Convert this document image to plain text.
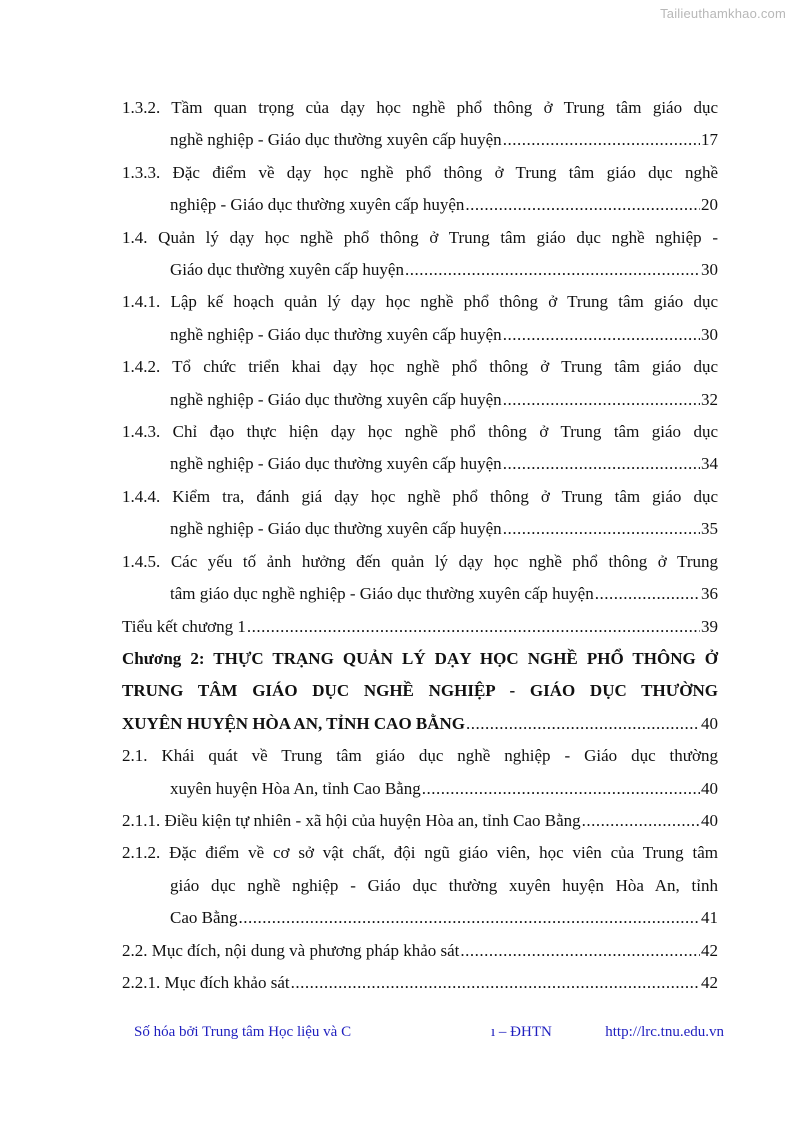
Tailieuthamkhao.com
1.3.2. Tầm quan trọng của dạy học nghề phổ thông ở Trung tâm giáo dục
nghề nghiệp - Giáo dục thường xuyên cấp huyện .....	17
1.3.3. Đặc điểm về dạy học nghề phổ thông ở Trung tâm giáo dục nghề
nghiệp - Giáo dục thường xuyên cấp huyện .....	20
1.4. Quản lý dạy học nghề phổ thông ở Trung tâm giáo dục nghề nghiệp -
Giáo dục thường xuyên cấp huyện .....	30
1.4.1. Lập kế hoạch quản lý dạy học nghề phổ thông ở Trung tâm giáo dục
nghề nghiệp - Giáo dục thường xuyên cấp huyện .....	30
1.4.2. Tổ chức triển khai dạy học nghề phổ thông ở Trung tâm giáo dục
nghề nghiệp - Giáo dục thường xuyên cấp huyện .....	32
1.4.3. Chỉ đạo thực hiện dạy học nghề phổ thông ở Trung tâm giáo dục
nghề nghiệp - Giáo dục thường xuyên cấp huyện .....	34
1.4.4. Kiểm tra, đánh giá dạy học nghề phổ thông ở Trung tâm giáo dục
nghề nghiệp - Giáo dục thường xuyên cấp huyện .....	35
1.4.5. Các yếu tố ảnh hưởng đến quản lý dạy học nghề phổ thông ở Trung
tâm giáo dục nghề nghiệp - Giáo dục thường xuyên cấp huyện .....	36
Tiểu kết chương 1 .....	39
Chương 2: THỰC TRẠNG QUẢN LÝ DẠY HỌC NGHỀ PHỔ THÔNG Ở
TRUNG TÂM GIÁO DỤC NGHỀ NGHIỆP - GIÁO DỤC THƯỜNG
XUYÊN HUYỆN HÒA AN, TỈNH CAO BẰNG .....	40
2.1. Khái quát về Trung tâm giáo dục nghề nghiệp - Giáo dục thường
xuyên huyện Hòa An, tỉnh Cao Bằng .....	40
2.1.1. Điều kiện tự nhiên - xã hội của huyện Hòa an, tỉnh Cao Bằng .....	40
2.1.2. Đặc điểm về cơ sở vật chất, đội ngũ giáo viên, học viên của Trung tâm
giáo dục nghề nghiệp - Giáo dục thường xuyên huyện Hòa An, tỉnh
Cao Bằng .....	41
2.2. Mục đích, nội dung và phương pháp khảo sát .....	42
2.2.1. Mục đích khảo sát .....	42
Số hóa bởi Trung tâm Học liệu và C	ı – ĐHTN	http://lrc.tnu.edu.vn
